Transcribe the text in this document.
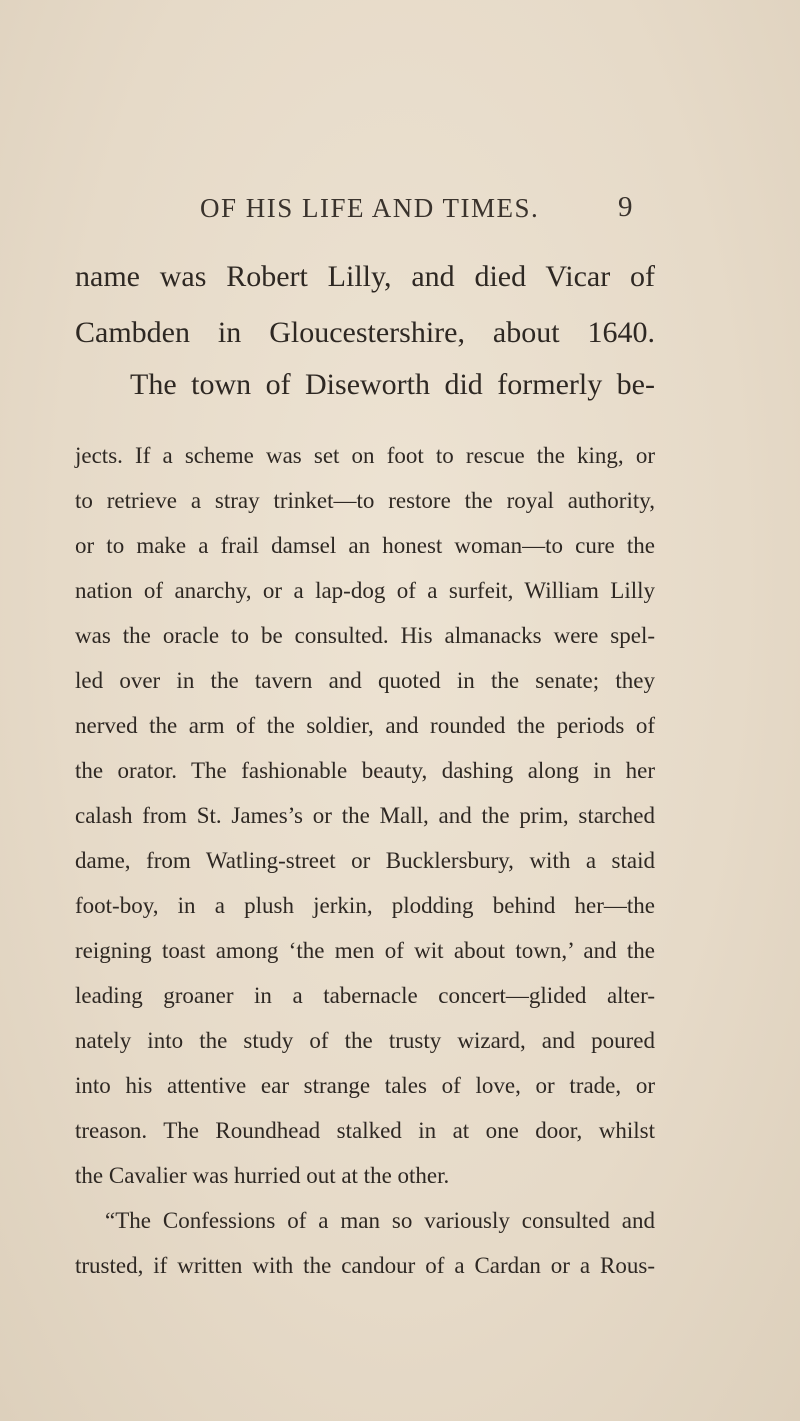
OF HIS LIFE AND TIMES.	9
name was Robert Lilly, and died Vicar of
Cambden in Gloucestershire, about 1640.
The town of Diseworth did formerly be-
jects. If a scheme was set on foot to rescue the king, or
to retrieve a stray trinket—to restore the royal authority,
or to make a frail damsel an honest woman—to cure the
nation of anarchy, or a lap-dog of a surfeit, William Lilly
was the oracle to be consulted. His almanacks were spel-
led over in the tavern and quoted in the senate; they
nerved the arm of the soldier, and rounded the periods of
the orator. The fashionable beauty, dashing along in her
calash from St. James’s or the Mall, and the prim, starched
dame, from Watling-street or Bucklersbury, with a staid
foot-boy, in a plush jerkin, plodding behind her—the
reigning toast among ‘the men of wit about town,’ and the
leading groaner in a tabernacle concert—glided alter-
nately into the study of the trusty wizard, and poured
into his attentive ear strange tales of love, or trade, or
treason. The Roundhead stalked in at one door, whilst
the Cavalier was hurried out at the other.
“The Confessions of a man so variously consulted and
trusted, if written with the candour of a Cardan or a Rous-
